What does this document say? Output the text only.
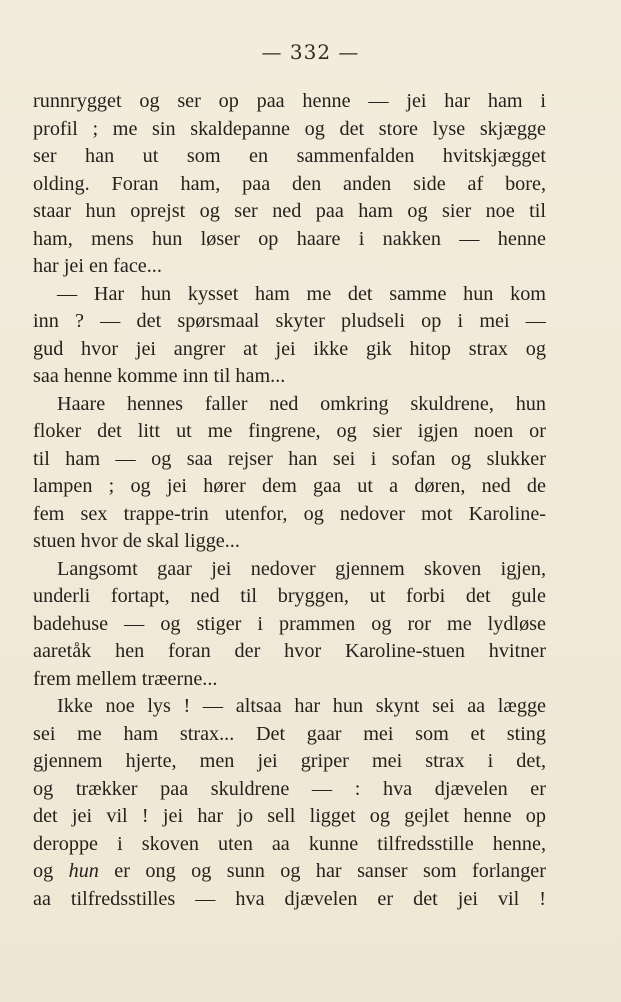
— 332 —
runnrygget og ser op paa henne — jei har ham i
profil ; me sin skaldepanne og det store lyse skjægge
ser han ut som en sammenfalden hvitskjægget
olding. Foran ham, paa den anden side af bore,
staar hun oprejst og ser ned paa ham og sier noe til
ham, mens hun løser op haare i nakken — henne
har jei en face...
— Har hun kysset ham me det samme hun kom
inn ? — det spørsmaal skyter pludseli op i mei —
gud hvor jei angrer at jei ikke gik hitop strax og
saa henne komme inn til ham...
Haare hennes faller ned omkring skuldrene, hun
floker det litt ut me fingrene, og sier igjen noen or
til ham — og saa rejser han sei i sofan og slukker
lampen ; og jei hører dem gaa ut a døren, ned de
fem sex trappe-trin utenfor, og nedover mot Karoline-
stuen hvor de skal ligge...
Langsomt gaar jei nedover gjennem skoven igjen,
underli fortapt, ned til bryggen, ut forbi det gule
badehuse — og stiger i prammen og ror me lydløse
aaretåk hen foran der hvor Karoline-stuen hvitner
frem mellem træerne...
Ikke noe lys ! — altsaa har hun skynt sei aa lægge
sei me ham strax... Det gaar mei som et sting
gjennem hjerte, men jei griper mei strax i det,
og trækker paa skuldrene — : hva djævelen er
det jei vil ! jei har jo sell ligget og gejlet henne op
deroppe i skoven uten aa kunne tilfredsstille henne,
og hun er ong og sunn og har sanser som forlanger
aa tilfredsstilles — hva djævelen er det jei vil !
